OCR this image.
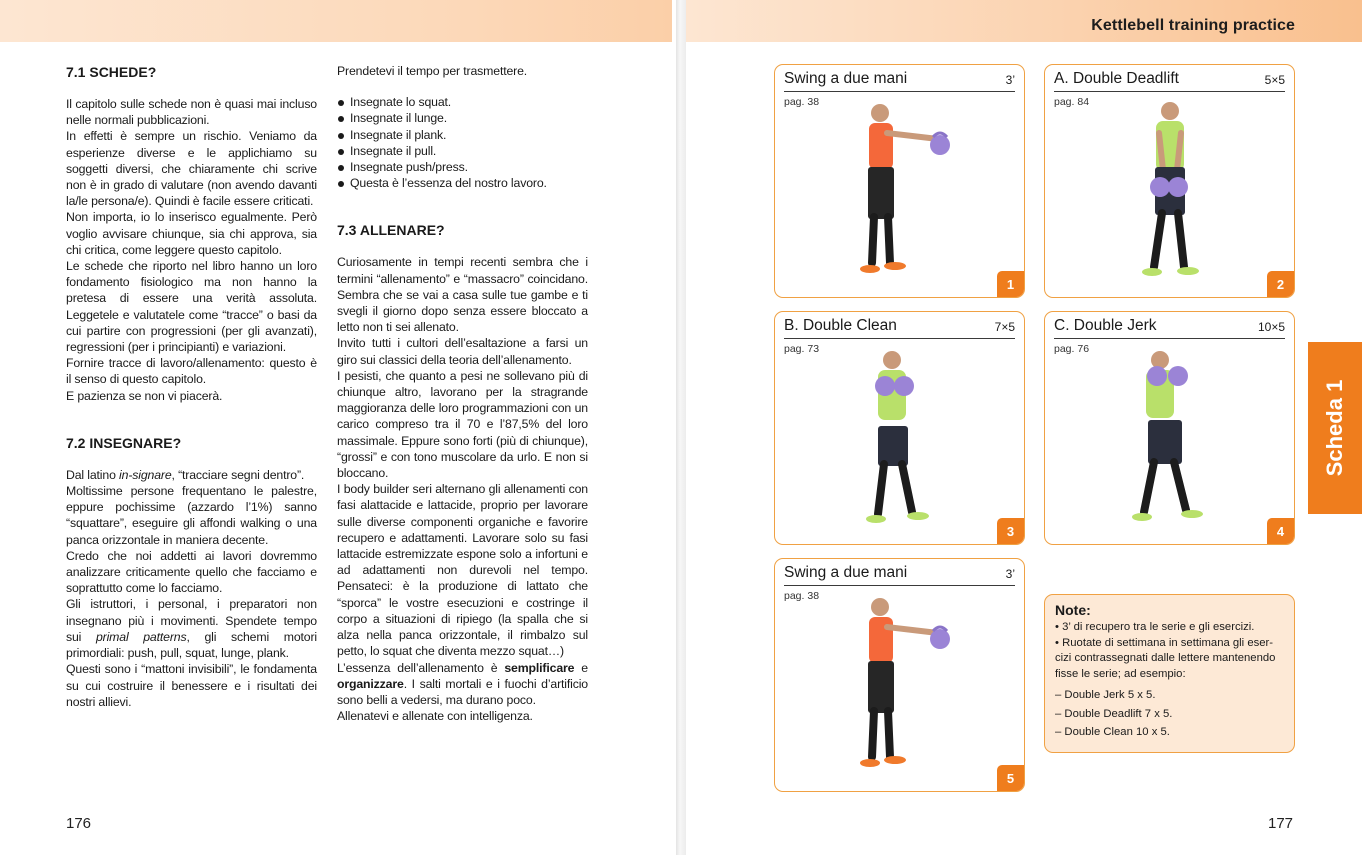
7.1 SCHEDE?

Il capitolo sulle schede non è quasi mai incluso nelle normali pubblicazioni.

In effetti è sempre un rischio. Veniamo da esperienze diverse e le applichiamo su soggetti diversi, che chiaramente chi scrive non è in grado di valutare (non avendo davanti la/le persona/e). Quindi è facile essere criticati.

Non importa, io lo inserisco egualmente. Però voglio avvisare chiunque, sia chi approva, sia chi critica, come leggere questo capitolo.

Le schede che riporto nel libro hanno un loro fondamento fisiologico ma non hanno la pretesa di essere una verità assoluta. Leggetele e valutatele come “tracce” o basi da cui partire con progressioni (per gli avanzati), regressioni (per i principianti) e variazioni.

Fornire tracce di lavoro/allenamento: questo è il senso di questo capitolo.

E pazienza se non vi piacerà.

7.2 INSEGNARE?

Dal latino in-signare, “tracciare segni dentro”.

Moltissime persone frequentano le palestre, eppure pochissime (azzardo l’1%) sanno “squattare”, eseguire gli affondi walking o una panca orizzontale in maniera decente.

Credo che noi addetti ai lavori dovremmo analizzare criticamente quello che facciamo e soprattutto come lo facciamo.

Gli istruttori, i personal, i preparatori non insegnano più i movimenti. Spendete tempo sui primal patterns, gli schemi motori primordiali: push, pull, squat, lunge, plank.

Questi sono i “mattoni invisibili”, le fondamenta su cui costruire il benessere e i risultati dei nostri allievi.

Prendetevi il tempo per trasmettere.

Insegnate lo squat.
Insegnate il lunge.
Insegnate il plank.
Insegnate il pull.
Insegnate push/press.
Questa è l’essenza del nostro lavoro.
7.3 ALLENARE?

Curiosamente in tempi recenti sembra che i termini “allenamento” e “massacro” coincidano. Sembra che se vai a casa sulle tue gambe e ti svegli il giorno dopo senza essere bloccato a letto non ti sei allenato.

Invito tutti i cultori dell’esaltazione a farsi un giro sui classici della teoria dell’allenamento.

I pesisti, che quanto a pesi ne sollevano più di chiunque altro, lavorano per la stragrande maggioranza delle loro programmazioni con un carico compreso tra il 70 e l’87,5% del loro massimale. Eppure sono forti (più di chiunque), “grossi” e con tono muscolare da urlo. E non si bloccano.

I body builder seri alternano gli allenamenti con fasi alattacide e lattacide, proprio per lavorare sulle diverse componenti organiche e favorire recupero e adattamenti. Lavorare solo su fasi lattacide estremizzate espone solo a infortuni e ad adattamenti non durevoli nel tempo. Pensateci: è la produzione di lattato che “sporca” le vostre esecuzioni e costringe il corpo a situazioni di ripiego (la spalla che si alza nella panca orizzontale, il rimbalzo sul petto, lo squat che diventa mezzo squat…)

L’essenza dell’allenamento è semplificare e organizzare. I salti mortali e i fuochi d’artificio sono belli a vedersi, ma durano poco.

Allenatevi e allenate con intelligenza.

176
Kettlebell training practice
Swing a due mani	3’
pag. 38
1
A. Double Deadlift	5×5
pag. 84
2
B. Double Clean	7×5
pag. 73
3
C. Double Jerk	10×5
pag. 76
4
Swing a due mani	3’
pag. 38
5
Note:
• 3’ di recupero tra le serie e gli esercizi.
• Ruotate di settimana in settimana gli eser-
cizi contrassegnati dalle lettere mantenendo
fisse le serie; ad esempio:
– Double Jerk 5 x 5.
– Double Deadlift 7 x 5.
– Double Clean 10 x 5.
Scheda 1
177
